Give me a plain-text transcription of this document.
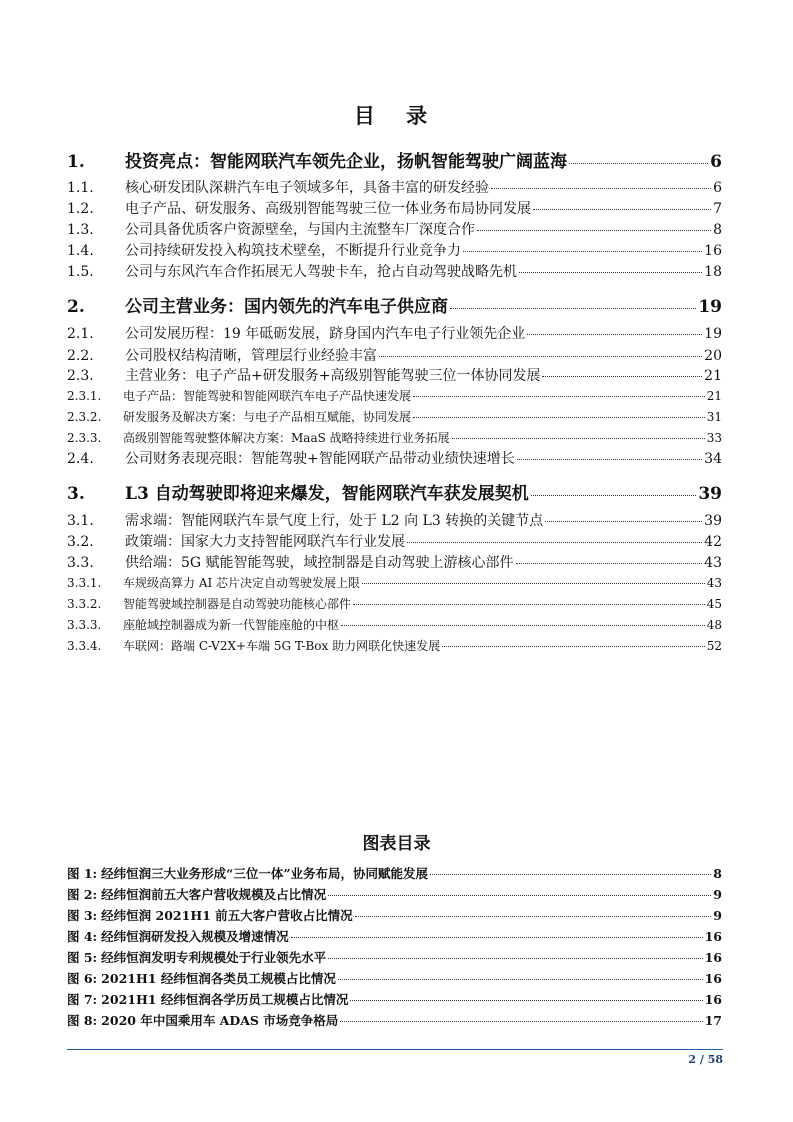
目 录
1.	投资亮点：智能网联汽车领先企业，扬帆智能驾驶广阔蓝海	6
1.1.	核心研发团队深耕汽车电子领域多年，具备丰富的研发经验	6
1.2.	电子产品、研发服务、高级别智能驾驶三位一体业务布局协同发展	7
1.3.	公司具备优质客户资源壁垒，与国内主流整车厂深度合作	8
1.4.	公司持续研发投入构筑技术壁垒，不断提升行业竞争力	16
1.5.	公司与东风汽车合作拓展无人驾驶卡车，抢占自动驾驶战略先机	18
2.	公司主营业务：国内领先的汽车电子供应商	19
2.1.	公司发展历程：19 年砥砺发展，跻身国内汽车电子行业领先企业	19
2.2.	公司股权结构清晰，管理层行业经验丰富	20
2.3.	主营业务：电子产品+研发服务+高级别智能驾驶三位一体协同发展	21
2.3.1.	电子产品：智能驾驶和智能网联汽车电子产品快速发展	21
2.3.2.	研发服务及解决方案：与电子产品相互赋能，协同发展	31
2.3.3.	高级别智能驾驶整体解决方案：MaaS 战略持续进行业务拓展	33
2.4.	公司财务表现亮眼：智能驾驶+智能网联产品带动业绩快速增长	34
3.	L3 自动驾驶即将迎来爆发，智能网联汽车获发展契机	39
3.1.	需求端：智能网联汽车景气度上行，处于 L2 向 L3 转换的关键节点	39
3.2.	政策端：国家大力支持智能网联汽车行业发展	42
3.3.	供给端：5G 赋能智能驾驶，域控制器是自动驾驶上游核心部件	43
3.3.1.	车规级高算力 AI 芯片决定自动驾驶发展上限	43
3.3.2.	智能驾驶域控制器是自动驾驶功能核心部件	45
3.3.3.	座舱域控制器成为新一代智能座舱的中枢	48
3.3.4.	车联网：路端 C-V2X+车端 5G T-Box 助力网联化快速发展	52
图表目录
图 1: 经纬恒润三大业务形成“三位一体”业务布局，协同赋能发展	8
图 2: 经纬恒润前五大客户营收规模及占比情况	9
图 3: 经纬恒润 2021H1 前五大客户营收占比情况	9
图 4: 经纬恒润研发投入规模及增速情况	16
图 5: 经纬恒润发明专利规模处于行业领先水平	16
图 6: 2021H1 经纬恒润各类员工规模占比情况	16
图 7: 2021H1 经纬恒润各学历员工规模占比情况	16
图 8: 2020 年中国乘用车 ADAS 市场竞争格局	17
2 / 58
